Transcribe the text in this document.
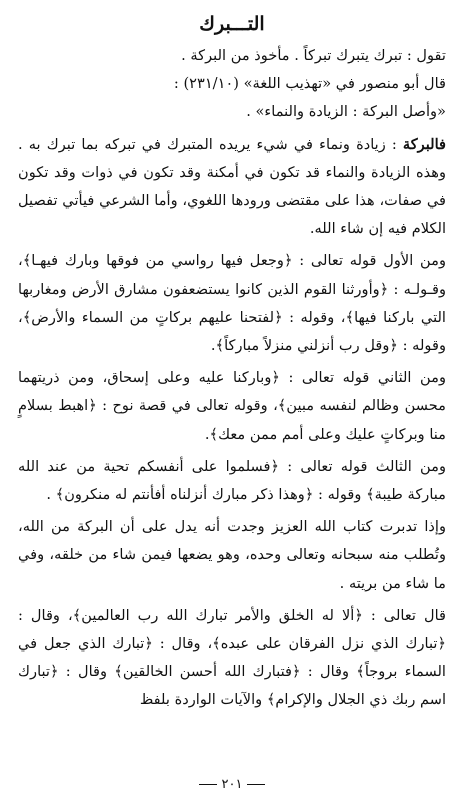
التـــبرك

تقول : تبرك يتبرك تبركاً . مأخوذ من البركة .

قال أبو منصور في «تهذيب اللغة» (٢٣١/١٠) :

«وأصل البركة : الزيادة والنماء» .

فالبركة : زيادة ونماء في شيء يريده المتبرك في تبركه بما تبرك به . وهذه الزيادة والنماء قد تكون في أمكنة وقد تكون في ذوات وقد تكون في صفات، هذا على مقتضى ورودها اللغوي، وأما الشرعي فيأتي تفصيل الكلام فيه إن شاء الله.

ومن الأول قوله تعالى : ﴿وجعل فيها رواسي من فوقها وبارك فيهـا﴾، وقـولـه : ﴿وأورثنا القوم الذين كانوا يستضعفون مشارق الأرض ومغاربها التي باركنا فيها﴾، وقوله : ﴿لفتحنا عليهم بركاتٍ من السماء والأرض﴾، وقوله : ﴿وقل رب أنزلني منزلاً مباركاً﴾.

ومن الثاني قوله تعالى : ﴿وباركنا عليه وعلى إسحاق، ومن ذريتهما محسن وظالم لنفسه مبين﴾، وقوله تعالى في قصة نوح : ﴿اهبط بسلامٍ منا وبركاتٍ عليك وعلى أمم ممن معك﴾.

ومن الثالث قوله تعالى : ﴿فسلموا على أنفسكم تحية من عند الله مباركة طيبة﴾ وقوله : ﴿وهذا ذكر مبارك أنزلناه أفأنتم له منكرون﴾ .

وإذا تدبرت كتاب الله العزيز وجدت أنه يدل على أن البركة من الله، وتُطلب منه سبحانه وتعالى وحده، وهو يضعها فيمن شاء من خلقه، وفي ما شاء من بريته .

قال تعالى : ﴿ألا له الخلق والأمر تبارك الله رب العالمين﴾، وقال : ﴿تبارك الذي نزل الفرقان على عبده﴾، وقال : ﴿تبارك الذي جعل في السماء بروجاً﴾ وقال : ﴿فتبارك الله أحسن الخالقين﴾ وقال : ﴿تبارك اسم ربك ذي الجلال والإكرام﴾ والآيات الواردة بلفظ

٢٠١
